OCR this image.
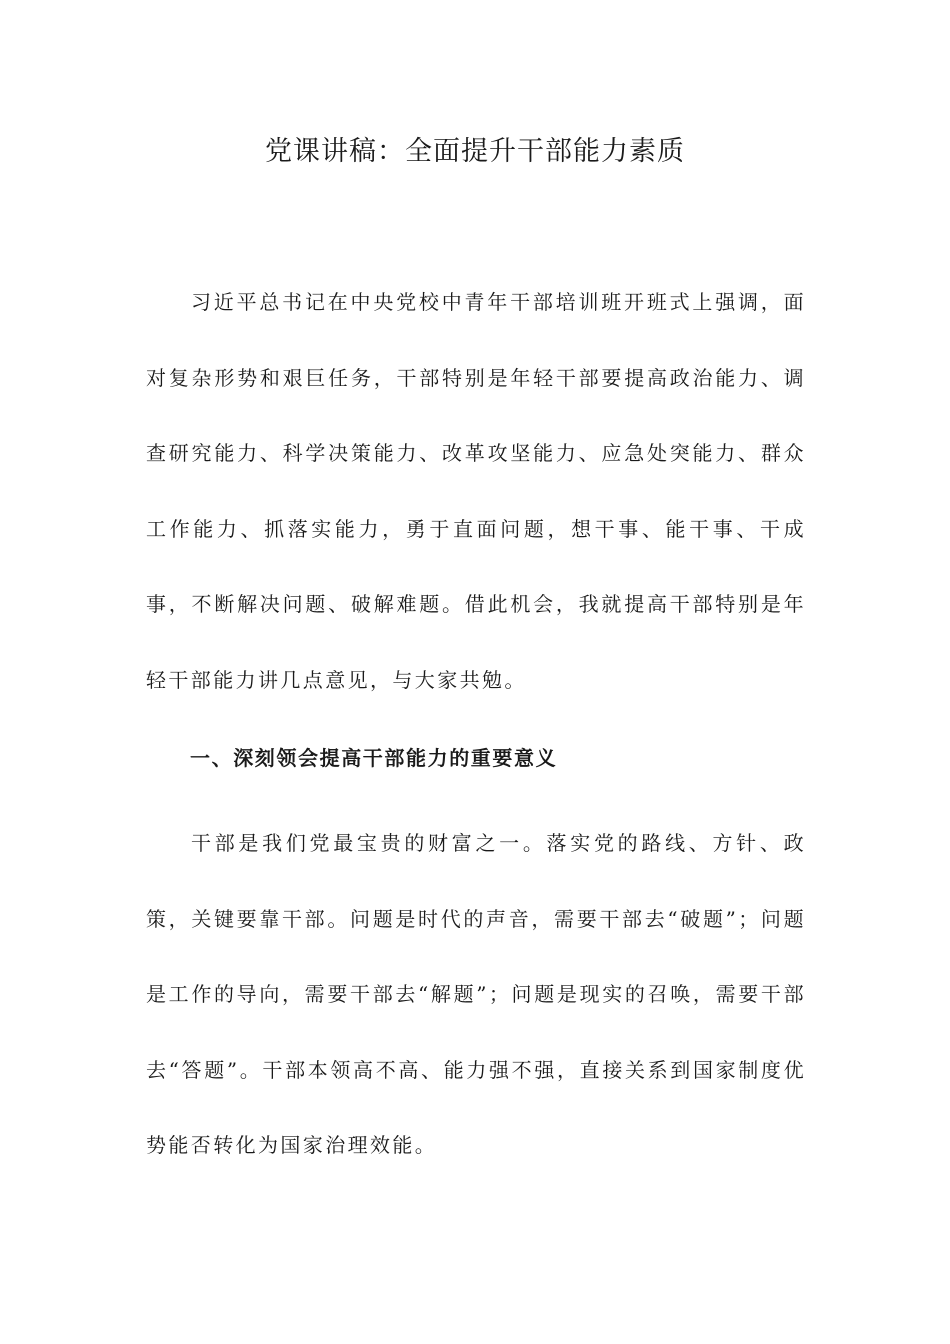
党课讲稿：全面提升干部能力素质

习近平总书记在中央党校中青年干部培训班开班式上强调，面对复杂形势和艰巨任务，干部特别是年轻干部要提高政治能力、调查研究能力、科学决策能力、改革攻坚能力、应急处突能力、群众工作能力、抓落实能力，勇于直面问题，想干事、能干事、干成事，不断解决问题、破解难题。借此机会，我就提高干部特别是年轻干部能力讲几点意见，与大家共勉。

一、深刻领会提高干部能力的重要意义

干部是我们党最宝贵的财富之一。落实党的路线、方针、政策，关键要靠干部。问题是时代的声音，需要干部去“破题”；问题是工作的导向，需要干部去“解题”；问题是现实的召唤，需要干部去“答题”。干部本领高不高、能力强不强，直接关系到国家制度优势能否转化为国家治理效能。
